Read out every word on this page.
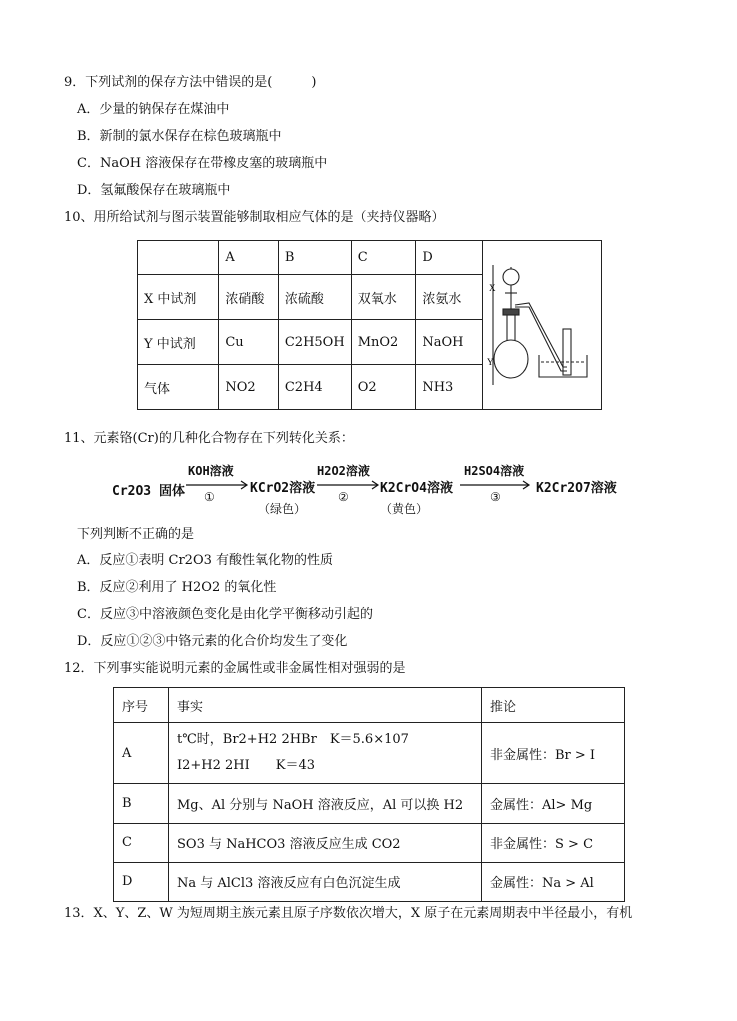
9．下列试剂的保存方法中错误的是(　　　)
A．少量的钠保存在煤油中
B．新制的氯水保存在棕色玻璃瓶中
C．NaOH 溶液保存在带橡皮塞的玻璃瓶中
D．氢氟酸保存在玻璃瓶中
10、用所给试剂与图示装置能够制取相应气体的是（夹持仪器略）
	A	B	C	D	X
Y

X 中试剂	浓硝酸	浓硫酸	双氧水	浓氨水	
Y 中试剂	Cu	C2H5OH	MnO2	NaOH	
气体	NO2	C2H4	O2	NH3	
11、元素铬(Cr)的几种化合物存在下列转化关系：
Cr2O3 固体
KOH溶液
①
KCrO2溶液
（绿色）
H2O2溶液
②
K2CrO4溶液
（黄色）
H2SO4溶液
③
K2Cr2O7溶液
下列判断不正确的是
A．反应①表明 Cr2O3 有酸性氧化物的性质
B．反应②利用了 H2O2 的氧化性
C．反应③中溶液颜色变化是由化学平衡移动引起的
D．反应①②③中铬元素的化合价均发生了变化
12．下列事实能说明元素的金属性或非金属性相对强弱的是
序号	事实	推论
A	t℃时，Br2+H2 2HBr　K＝5.6×107
I2+H2 2HI　　K＝43	非金属性：Br > I
B	Mg、Al 分别与 NaOH 溶液反应，Al 可以换 H2	金属性：Al> Mg
C	SO3 与 NaHCO3 溶液反应生成 CO2	非金属性：S > C
D	Na 与 AlCl3 溶液反应有白色沉淀生成	金属性：Na > Al
13．X、Y、Z、W 为短周期主族元素且原子序数依次增大，X 原子在元素周期表中半径最小，有机
